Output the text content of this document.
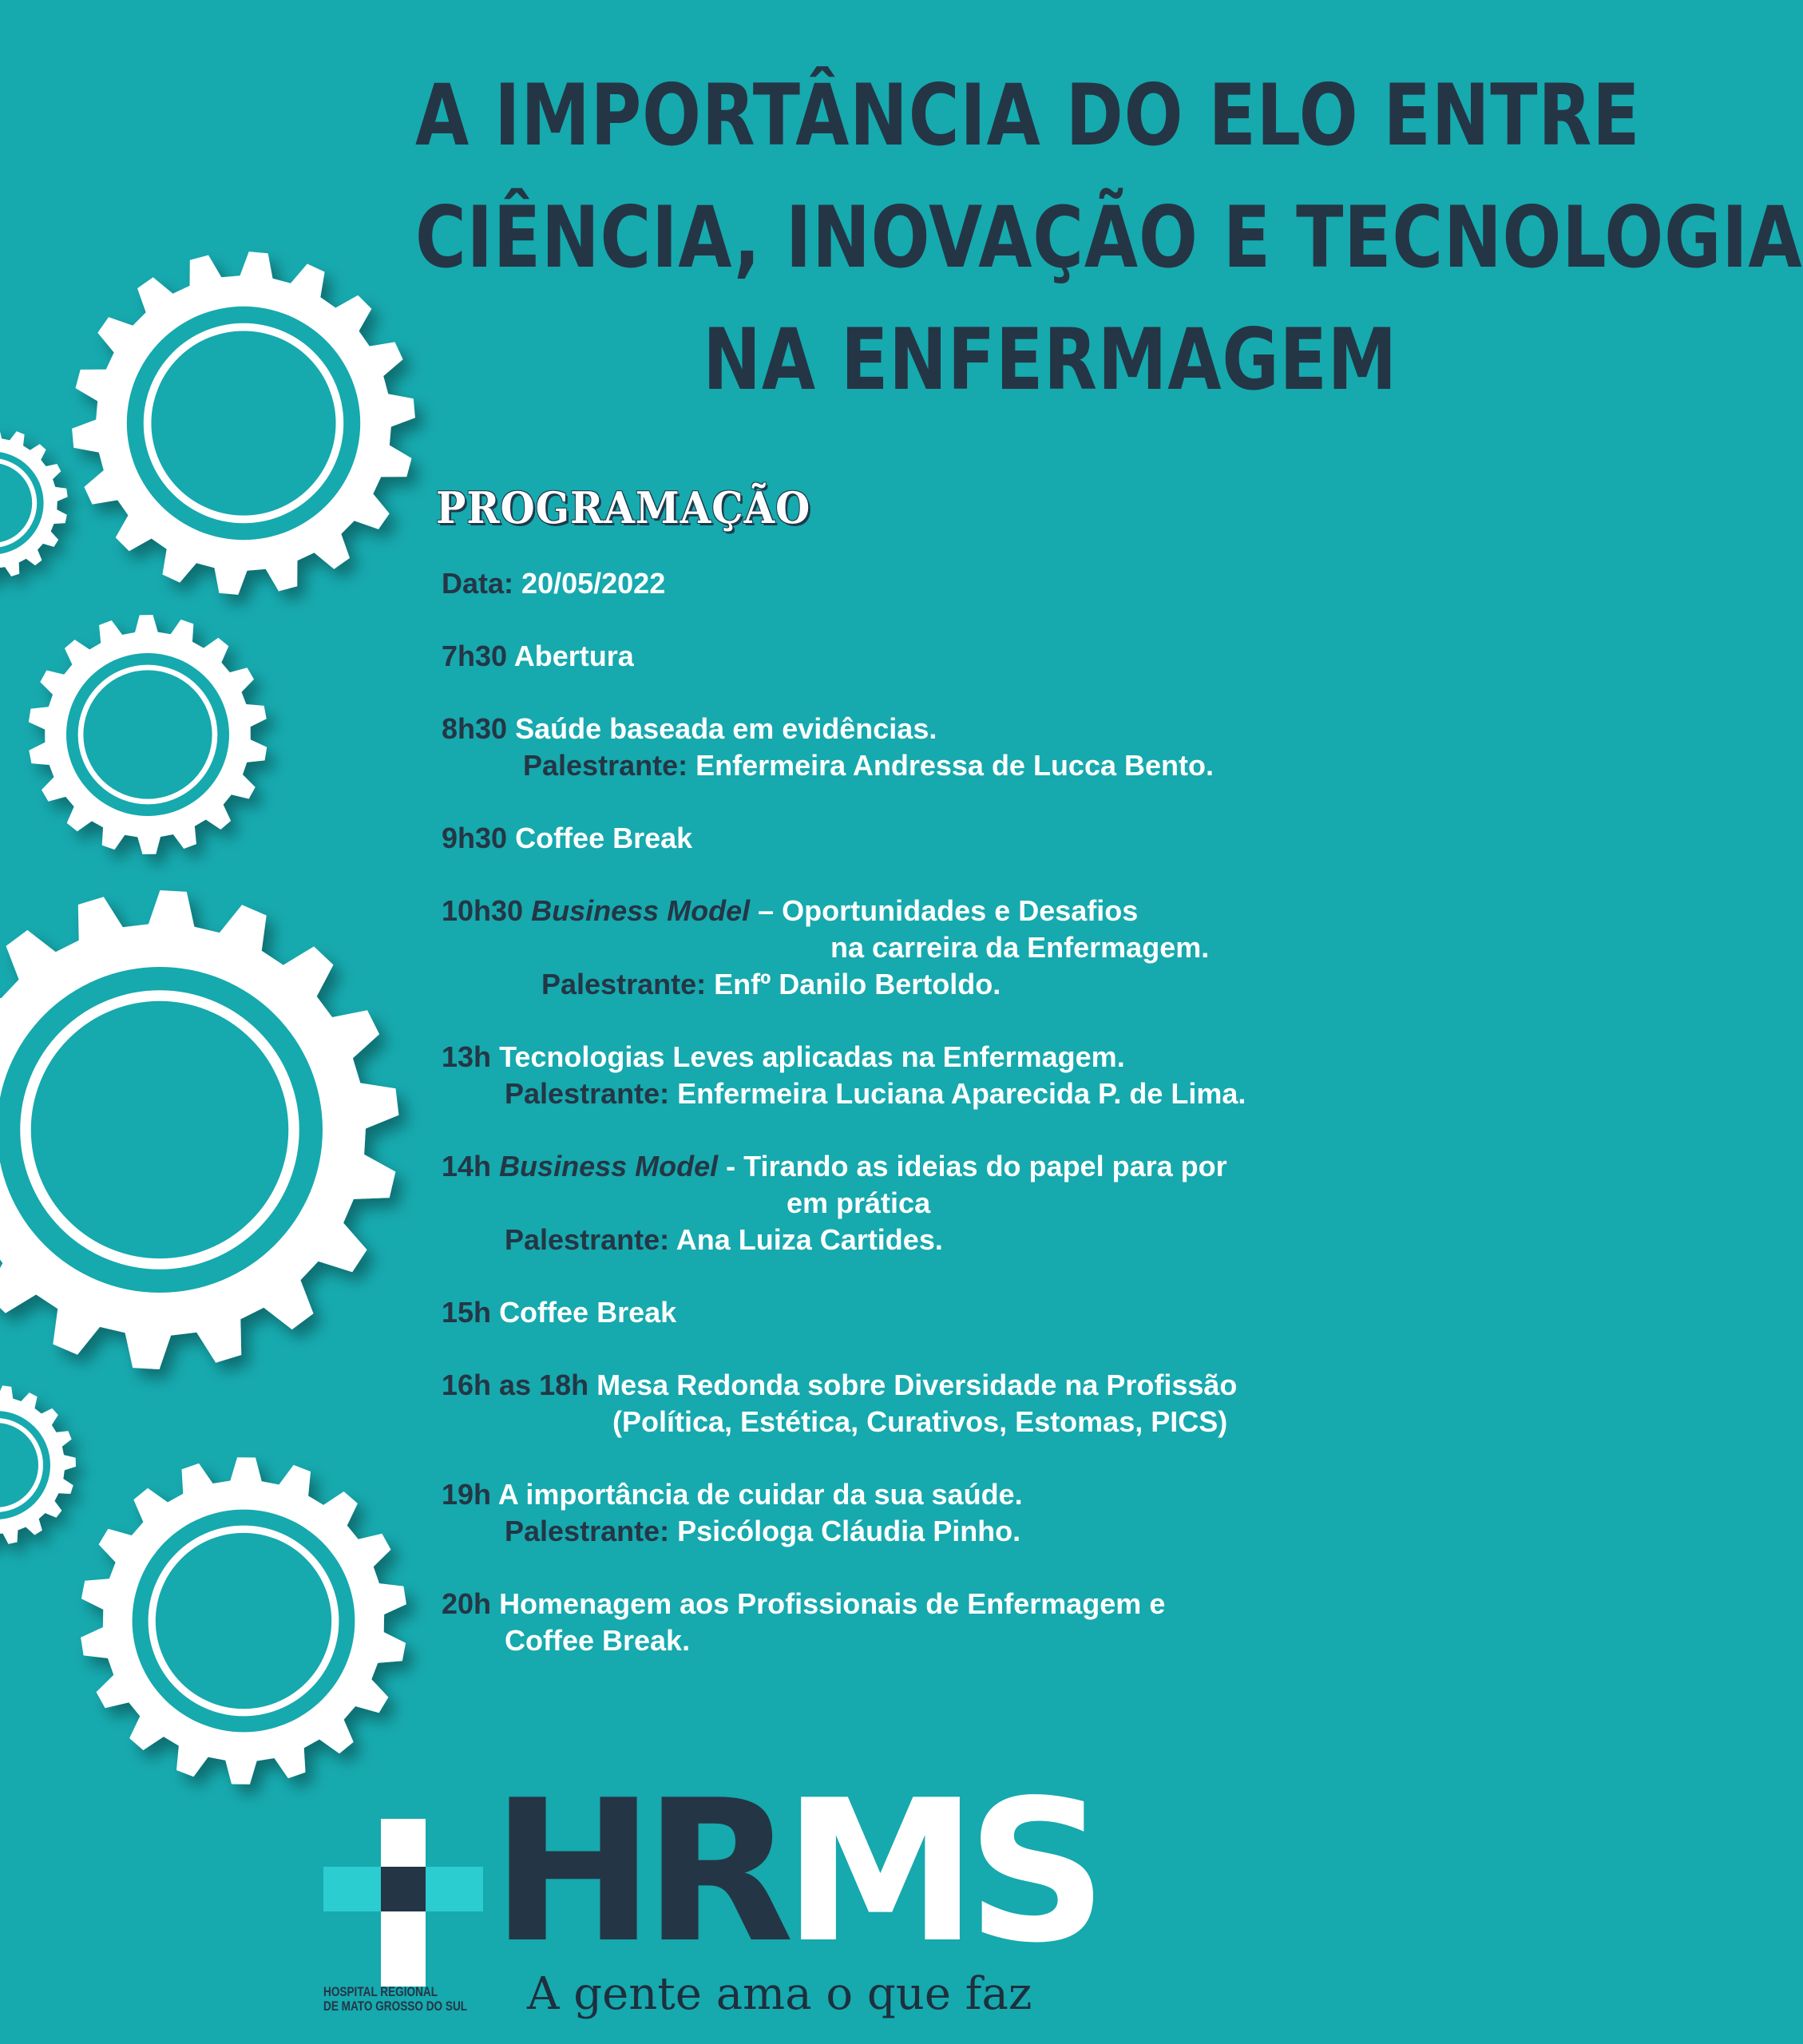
A IMPORTÂNCIA DO ELO ENTRE
CIÊNCIA, INOVAÇÃO E TECNOLOGIA
NA ENFERMAGEM
PROGRAMAÇÃO
Data: 20/05/2022
7h30 Abertura
8h30 Saúde baseada em evidências.
Palestrante: Enfermeira Andressa de Lucca Bento.
9h30 Coffee Break
10h30 Business Model – Oportunidades e Desafios
na carreira da Enfermagem.
Palestrante: Enfº Danilo Bertoldo.
13h Tecnologias Leves aplicadas na Enfermagem.
Palestrante: Enfermeira Luciana Aparecida P. de Lima.
14h Business Model - Tirando as ideias do papel para por
em prática
Palestrante: Ana Luiza Cartides.
15h Coffee Break
16h as 18h Mesa Redonda sobre Diversidade na Profissão
(Política, Estética, Curativos, Estomas, PICS)
19h A importância de cuidar da sua saúde.
Palestrante: Psicóloga Cláudia Pinho.
20h Homenagem aos Profissionais de Enfermagem e
Coffee Break.
HRMS
HOSPITAL REGIONAL
DE MATO GROSSO DO SUL A gente ama o que faz
